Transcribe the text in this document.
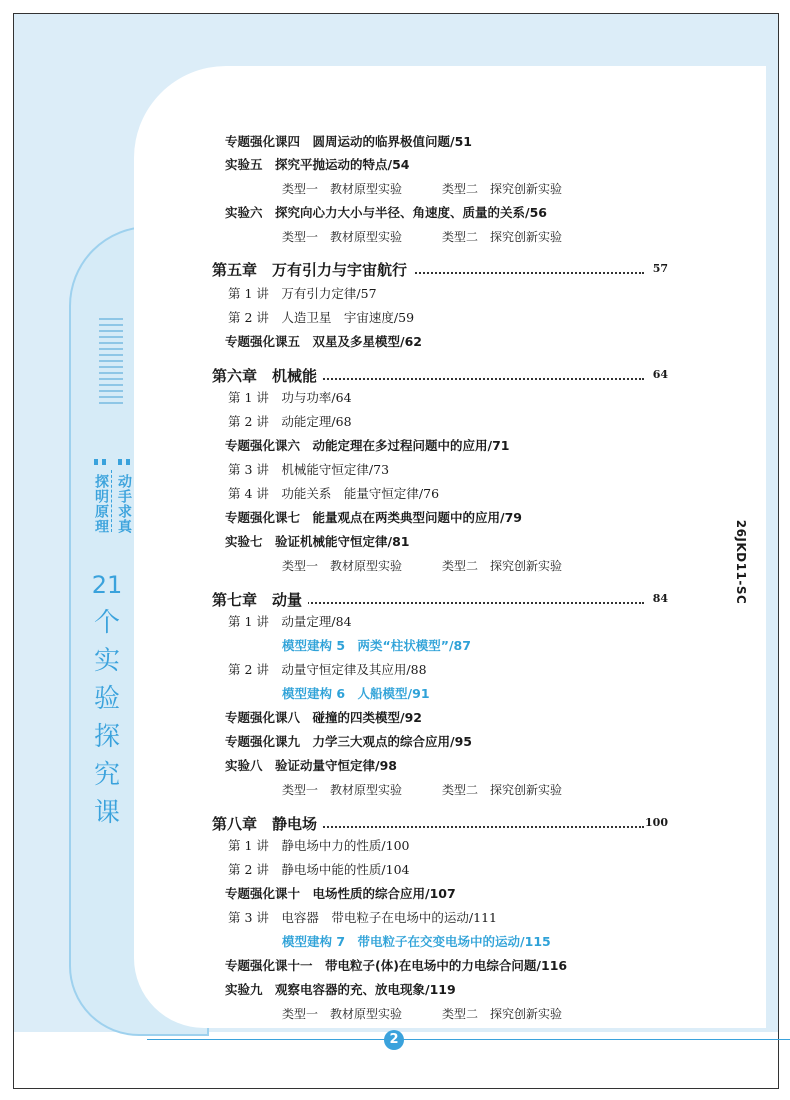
探明原理 动手求真
21
个
实
验
探
究
课
专题强化课四　圆周运动的临界极值问题/51
实验五　探究平抛运动的特点/54
类型一　教材原型实验	类型二　探究创新实验
实验六　探究向心力大小与半径、角速度、质量的关系/56
类型一　教材原型实验	类型二　探究创新实验
第五章　万有引力与宇宙航行	57
第 1 讲　万有引力定律/57
第 2 讲　人造卫星　宇宙速度/59
专题强化课五　双星及多星模型/62
第六章　机械能	64
第 1 讲　功与功率/64
第 2 讲　动能定理/68
专题强化课六　动能定理在多过程问题中的应用/71
第 3 讲　机械能守恒定律/73
第 4 讲　功能关系　能量守恒定律/76
专题强化课七　能量观点在两类典型问题中的应用/79
实验七　验证机械能守恒定律/81
类型一　教材原型实验	类型二　探究创新实验
第七章　动量	84
第 1 讲　动量定理/84
模型建构 5　两类“柱状模型”/87
第 2 讲　动量守恒定律及其应用/88
模型建构 6　人船模型/91
专题强化课八　碰撞的四类模型/92
专题强化课九　力学三大观点的综合应用/95
实验八　验证动量守恒定律/98
类型一　教材原型实验	类型二　探究创新实验
第八章　静电场	100
第 1 讲　静电场中力的性质/100
第 2 讲　静电场中能的性质/104
专题强化课十　电场性质的综合应用/107
第 3 讲　电容器　带电粒子在电场中的运动/111
模型建构 7　带电粒子在交变电场中的运动/115
专题强化课十一　带电粒子(体)在电场中的力电综合问题/116
实验九　观察电容器的充、放电现象/119
类型一　教材原型实验	类型二　探究创新实验
26JKD11-SC
2
